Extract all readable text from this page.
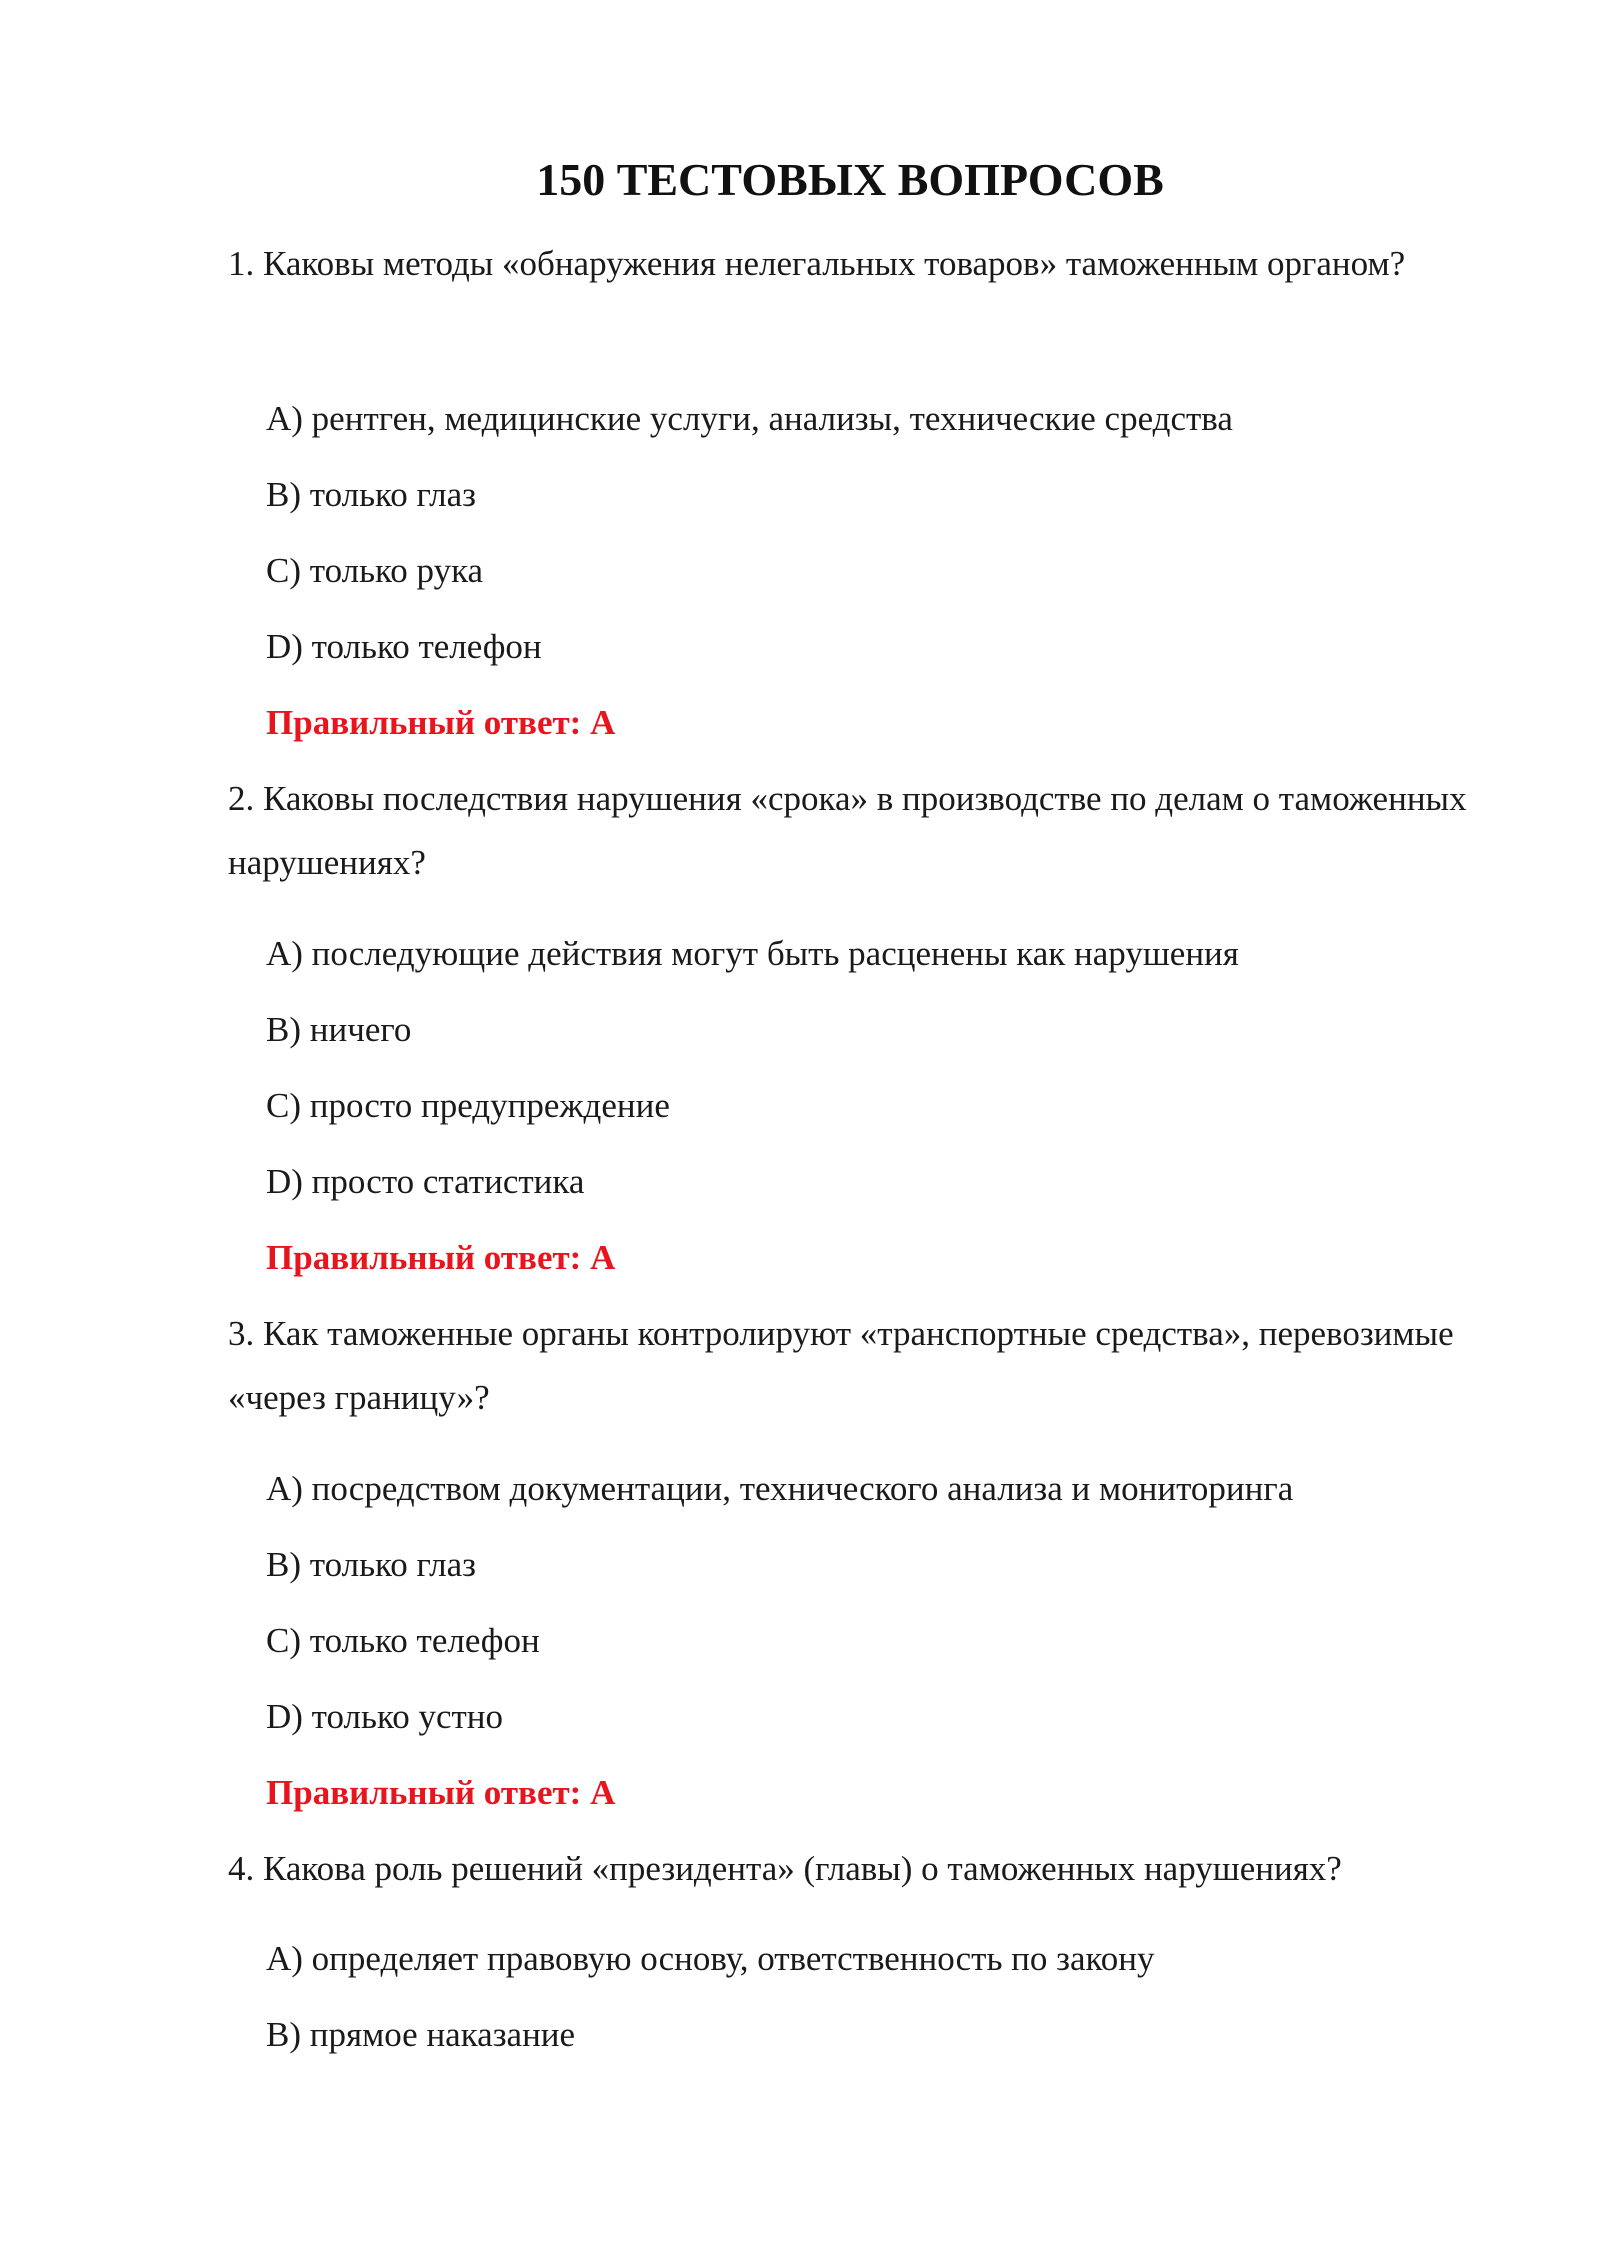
150 ТЕСТОВЫХ ВОПРОСОВ
1. Каковы методы «обнаружения нелегальных товаров» таможенным органом?
A) рентген, медицинские услуги, анализы, технические средства
B) только глаз
C) только рука
D) только телефон
Правильный ответ: A
2. Каковы последствия нарушения «срока» в производстве по делам о таможенных нарушениях?
A) последующие действия могут быть расценены как нарушения
B) ничего
C) просто предупреждение
D) просто статистика
Правильный ответ: A
3. Как таможенные органы контролируют «транспортные средства», перевозимые «через границу»?
A) посредством документации, технического анализа и мониторинга
B) только глаз
C) только телефон
D) только устно
Правильный ответ: A
4. Какова роль решений «президента» (главы) о таможенных нарушениях?
A) определяет правовую основу, ответственность по закону
B) прямое наказание
